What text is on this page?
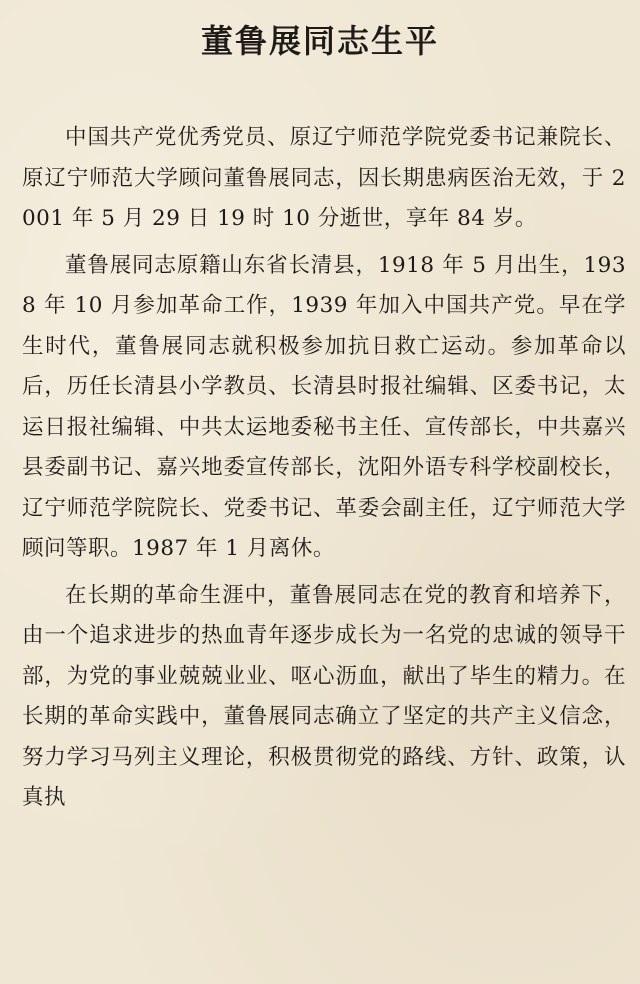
董鲁展同志生平

中国共产党优秀党员、原辽宁师范学院党委书记兼院长、原辽宁师范大学顾问董鲁展同志，因长期患病医治无效，于 2001 年 5 月 29 日 19 时 10 分逝世，享年 84 岁。

董鲁展同志原籍山东省长清县，1918 年 5 月出生，1938 年 10 月参加革命工作，1939 年加入中国共产党。早在学生时代，董鲁展同志就积极参加抗日救亡运动。参加革命以后，历任长清县小学教员、长清县时报社编辑、区委书记，太运日报社编辑、中共太运地委秘书主任、宣传部长，中共嘉兴县委副书记、嘉兴地委宣传部长，沈阳外语专科学校副校长，辽宁师范学院院长、党委书记、革委会副主任，辽宁师范大学顾问等职。1987 年 1 月离休。

在长期的革命生涯中，董鲁展同志在党的教育和培养下，由一个追求进步的热血青年逐步成长为一名党的忠诚的领导干部，为党的事业兢兢业业、呕心沥血，献出了毕生的精力。在长期的革命实践中，董鲁展同志确立了坚定的共产主义信念，努力学习马列主义理论，积极贯彻党的路线、方针、政策，认真执
